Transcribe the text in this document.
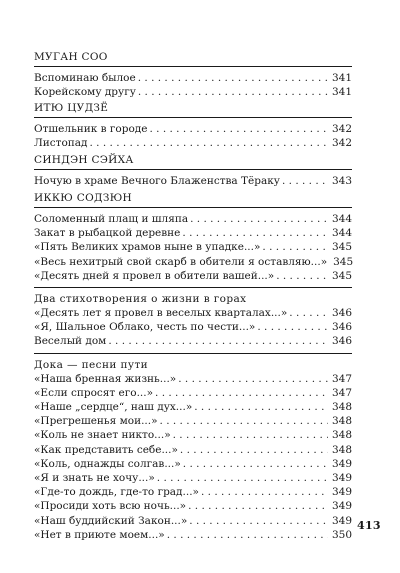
МУГАН СОО
Вспоминаю былое . . .	341
Корейскому другу . . .	341
ИТЮ ЦУДЗЁ
Отшельник в городе . . .	342
Листопад . . .	342
СИНДЭН СЭЙХА
Ночую в храме Вечного Блаженства Тёраку . . .	343
ИККЮ СОДЗЮН
Соломенный плащ и шляпа . . .	344
Закат в рыбацкой деревне . . .	344
«Пять Великих храмов ныне в упадке...» . . .	345
«Весь нехитрый свой скарб в обители я оставляю...» 345
«Десять дней я провел в обители вашей...» . . .	345
Два стихотворения о жизни в горах
«Десять лет я провел в веселых кварталах...» . . .	346
«Я, Шальное Облако, честь по чести...» . . .	346
Веселый дом . . .	346
Дока — песни пути
«Наша бренная жизнь...» . . .	347
«Если спросят его...» . . .	347
«Наше „сердце“, наш дух...» . . .	348
«Прегрешенья мои...» . . .	348
«Коль не знает никто...» . . .	348
«Как представить себе...» . . .	348
«Коль, однажды солгав...» . . .	349
«Я и знать не хочу...» . . .	349
«Где-то дождь, где-то град...» . . .	349
«Просиди хоть всю ночь...» . . .	349
«Наш буддийский Закон...» . . .	349
«Нет в приюте моем...» . . .	350
413
